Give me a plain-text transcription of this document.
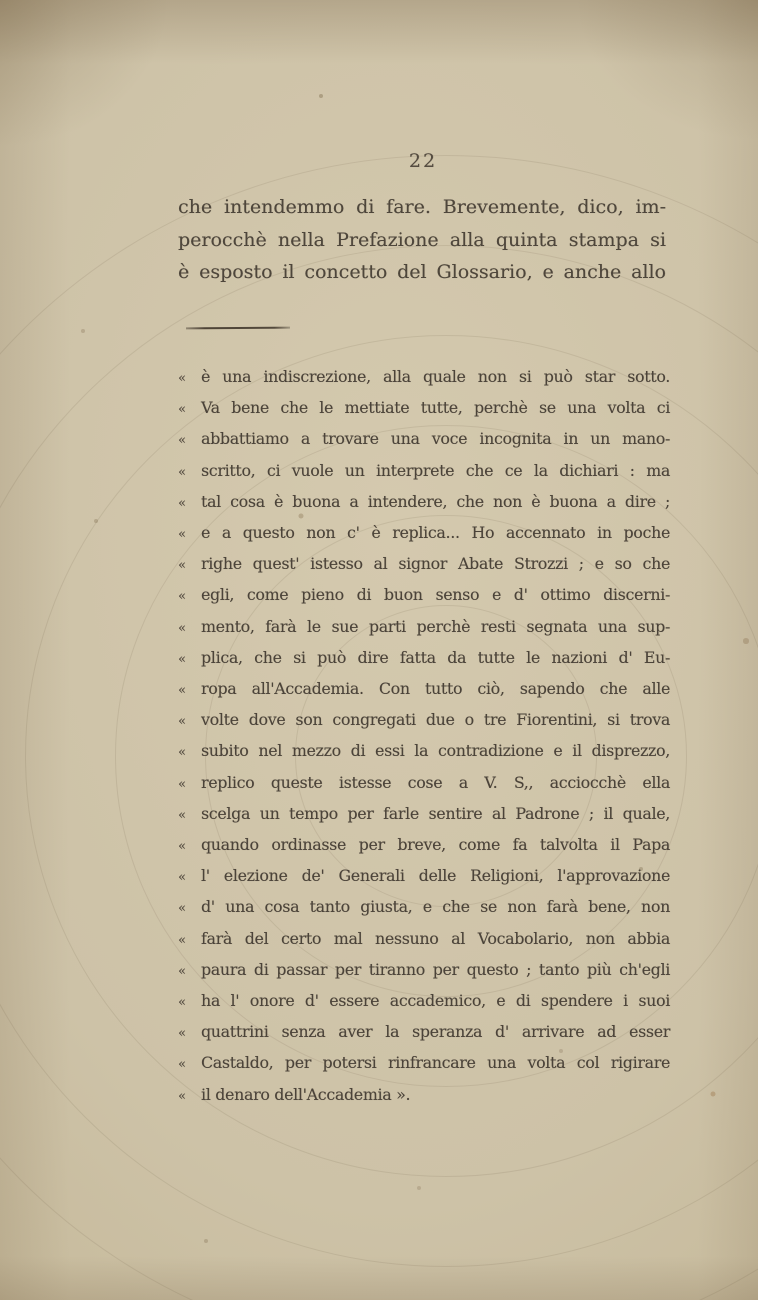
22
che intendemmo di fare. Brevemente, dico, im-
perocchè nella Prefazione alla quinta stampa si
è esposto il concetto del Glossario, e anche allo
« è una indiscrezione, alla quale non si può star sotto.
« Va bene che le mettiate tutte, perchè se una volta ci
« abbattiamo a trovare una voce incognita in un mano-
« scritto, ci vuole un interprete che ce la dichiari : ma
« tal cosa è buona a intendere, che non è buona a dire ;
« e a questo non c' è replica... Ho accennato in poche
« righe quest' istesso al signor Abate Strozzi ; e so che
« egli, come pieno di buon senso e d' ottimo discerni-
« mento, farà le sue parti perchè resti segnata una sup-
« plica, che si può dire fatta da tutte le nazioni d' Eu-
« ropa all'Accademia. Con tutto ciò, sapendo che alle
« volte dove son congregati due o tre Fiorentini, si trova
« subito nel mezzo di essi la contradizione e il disprezzo,
« replico queste istesse cose a V. S,, acciocchè ella
« scelga un tempo per farle sentire al Padrone ; il quale,
« quando ordinasse per breve, come fa talvolta il Papa
« l' elezione de' Generali delle Religioni, l'approvazione
« d' una cosa tanto giusta, e che se non farà bene, non
« farà del certo mal nessuno al Vocabolario, non abbia
« paura di passar per tiranno per questo ; tanto più ch'egli
« ha l' onore d' essere accademico, e di spendere i suoi
« quattrini senza aver la speranza d' arrivare ad esser
« Castaldo, per potersi rinfrancare una volta col rigirare
« il denaro dell'Accademia ».
